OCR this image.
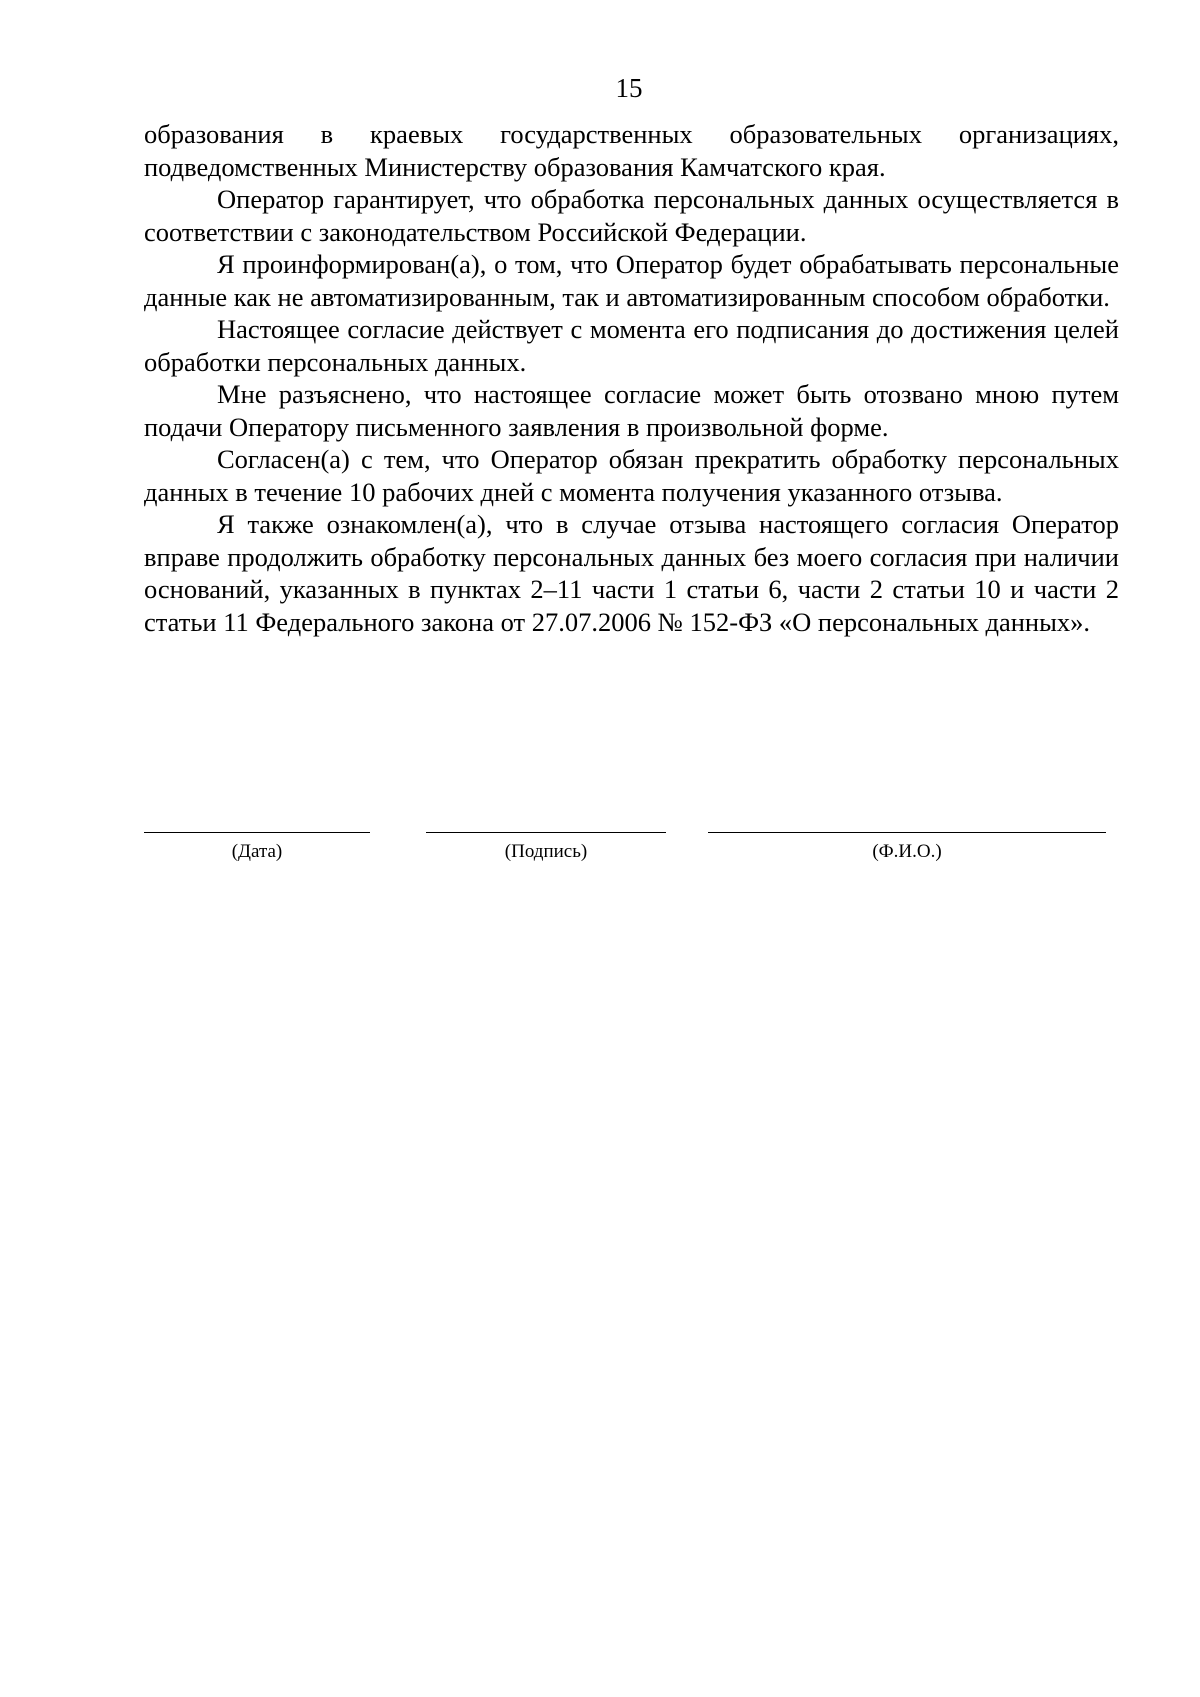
15

образования в краевых государственных образовательных организациях, подведомственных Министерству образования Камчатского края.

Оператор гарантирует, что обработка персональных данных осуществляется в соответствии с законодательством Российской Федерации.

Я проинформирован(а), о том, что Оператор будет обрабатывать персональные данные как не автоматизированным, так и автоматизированным способом обработки.

Настоящее согласие действует с момента его подписания до достижения целей обработки персональных данных.

Мне разъяснено, что настоящее согласие может быть отозвано мною путем подачи Оператору письменного заявления в произвольной форме.

Согласен(а) с тем, что Оператор обязан прекратить обработку персональных данных в течение 10 рабочих дней с момента получения указанного отзыва.

Я также ознакомлен(а), что в случае отзыва настоящего согласия Оператор вправе продолжить обработку персональных данных без моего согласия при наличии оснований, указанных в пунктах 2–11 части 1 статьи 6, части 2 статьи 10 и части 2 статьи 11 Федерального закона от 27.07.2006 № 152-ФЗ «О персональных данных».

(Дата)	(Подпись)	(Ф.И.О.)
